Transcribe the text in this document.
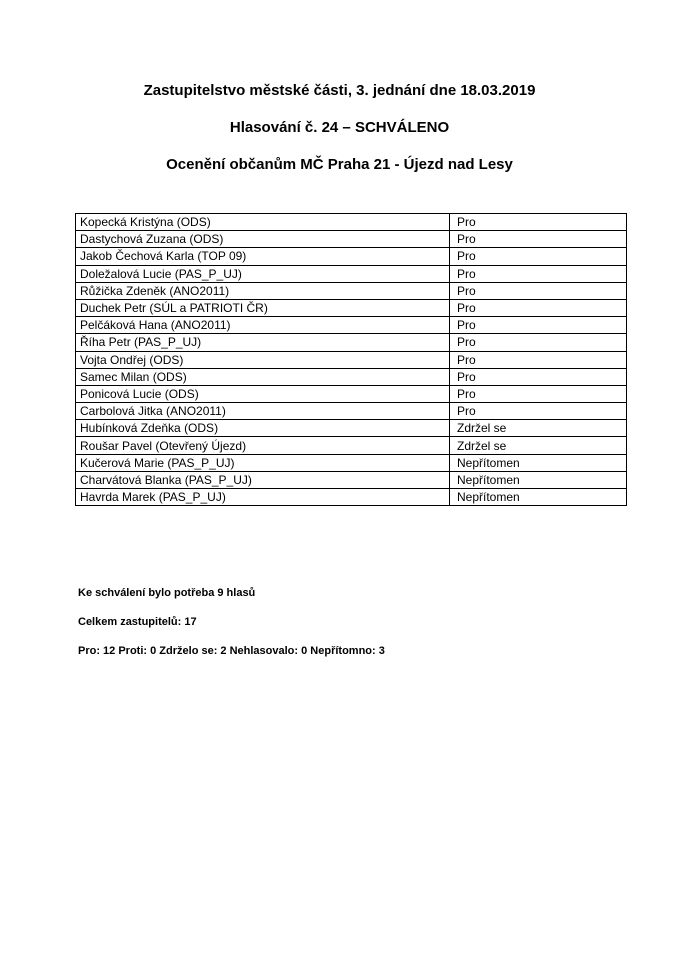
Zastupitelstvo městské části, 3. jednání dne 18.03.2019
Hlasování č. 24 – SCHVÁLENO
Ocenění občanům MČ Praha 21 - Újezd nad Lesy
Kopecká Kristýna (ODS)	Pro
Dastychová Zuzana (ODS)	Pro
Jakob Čechová Karla (TOP 09)	Pro
Doležalová Lucie (PAS_P_UJ)	Pro
Růžička Zdeněk (ANO2011)	Pro
Duchek Petr (SÚL a PATRIOTI ČR)	Pro
Pelčáková Hana (ANO2011)	Pro
Říha Petr (PAS_P_UJ)	Pro
Vojta Ondřej (ODS)	Pro
Samec Milan (ODS)	Pro
Ponicová Lucie (ODS)	Pro
Carbolová Jitka (ANO2011)	Pro
Hubínková Zdeňka (ODS)	Zdržel se
Roušar Pavel (Otevřený Újezd)	Zdržel se
Kučerová Marie (PAS_P_UJ)	Nepřítomen
Charvátová Blanka (PAS_P_UJ)	Nepřítomen
Havrda Marek (PAS_P_UJ)	Nepřítomen
Ke schválení bylo potřeba 9 hlasů
Celkem zastupitelů: 17
Pro: 12 Proti: 0 Zdrželo se: 2 Nehlasovalo: 0 Nepřítomno: 3
